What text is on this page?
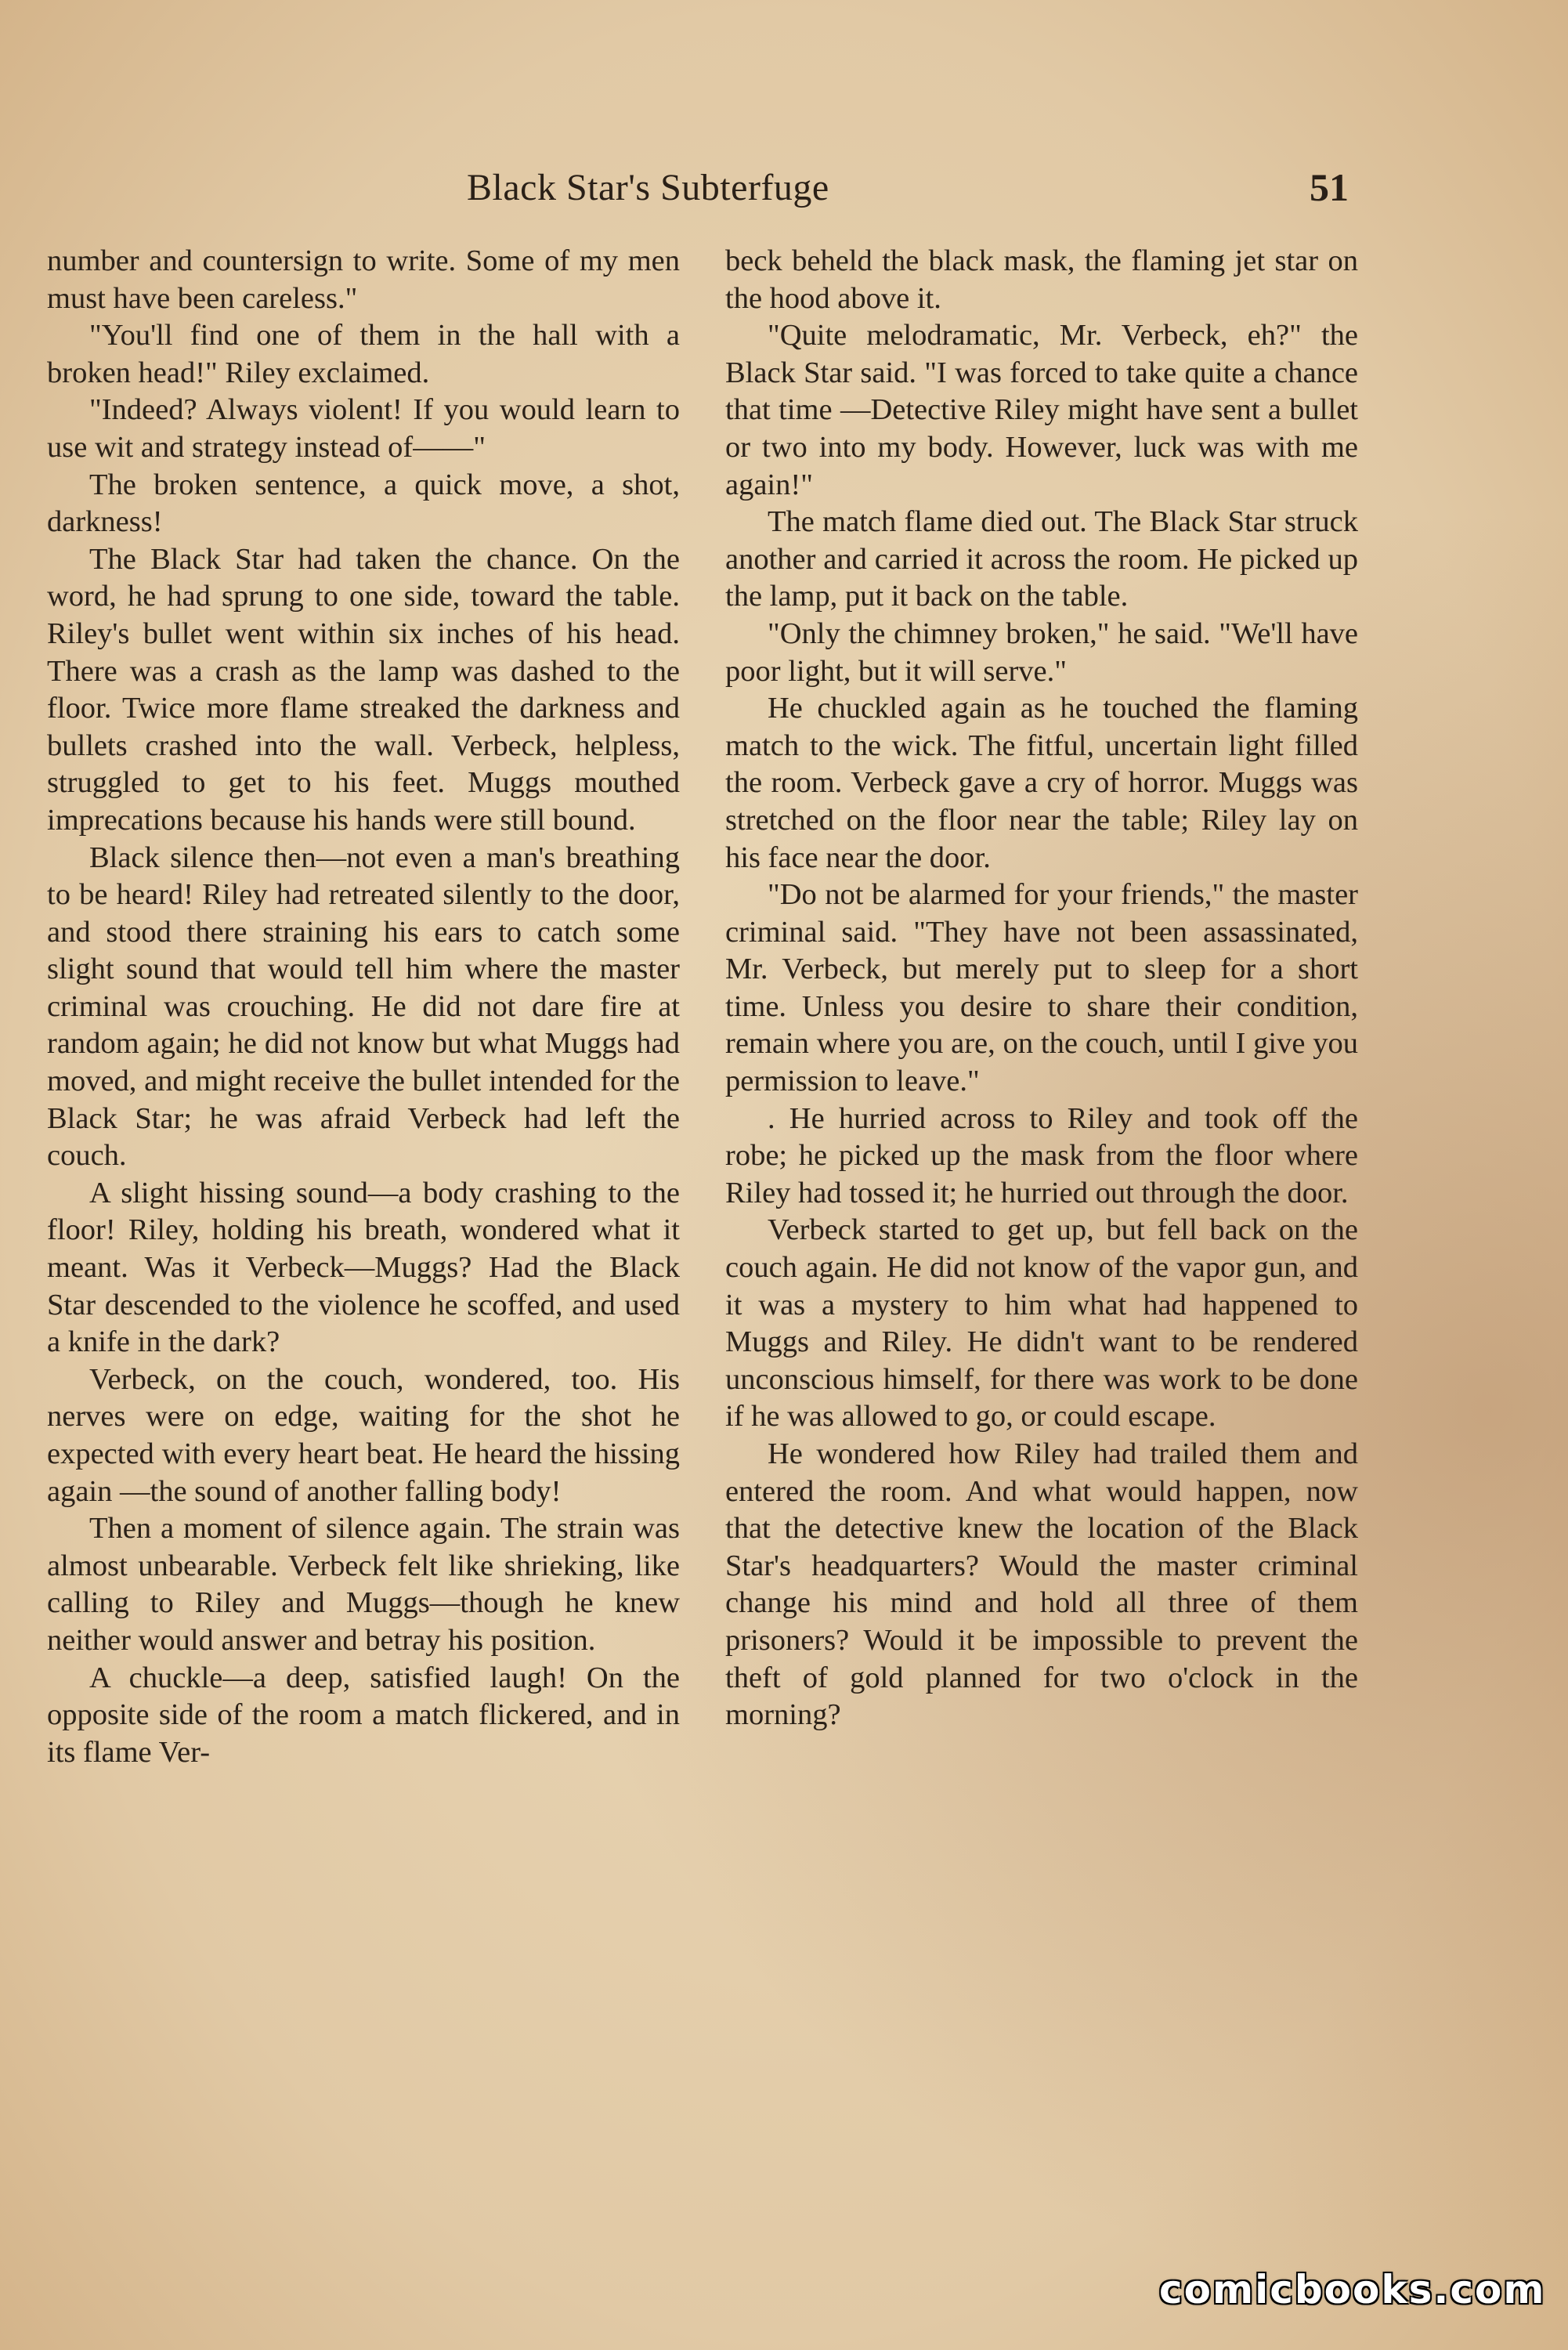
Black Star's Subterfuge	51

number and countersign to write. Some of my men must have been careless."

"You'll find one of them in the hall with a broken head!" Riley exclaimed.

"Indeed? Always violent! If you would learn to use wit and strategy instead of——"

The broken sentence, a quick move, a shot, darkness!

The Black Star had taken the chance. On the word, he had sprung to one side, toward the table. Riley's bullet went within six inches of his head. There was a crash as the lamp was dashed to the floor. Twice more flame streaked the darkness and bullets crashed into the wall. Verbeck, helpless, struggled to get to his feet. Muggs mouthed imprecations because his hands were still bound.

Black silence then—not even a man's breathing to be heard! Riley had retreated silently to the door, and stood there straining his ears to catch some slight sound that would tell him where the master criminal was crouching. He did not dare fire at random again; he did not know but what Muggs had moved, and might receive the bullet intended for the Black Star; he was afraid Verbeck had left the couch.

A slight hissing sound—a body crashing to the floor! Riley, holding his breath, wondered what it meant. Was it Verbeck—Muggs? Had the Black Star descended to the violence he scoffed, and used a knife in the dark?

Verbeck, on the couch, wondered, too. His nerves were on edge, waiting for the shot he expected with every heart beat. He heard the hissing again —the sound of another falling body!

Then a moment of silence again. The strain was almost unbearable. Verbeck felt like shrieking, like calling to Riley and Muggs—though he knew neither would answer and betray his position.

A chuckle—a deep, satisfied laugh! On the opposite side of the room a match flickered, and in its flame Ver-

beck beheld the black mask, the flaming jet star on the hood above it.

"Quite melodramatic, Mr. Verbeck, eh?" the Black Star said. "I was forced to take quite a chance that time —Detective Riley might have sent a bullet or two into my body. However, luck was with me again!"

The match flame died out. The Black Star struck another and carried it across the room. He picked up the lamp, put it back on the table.

"Only the chimney broken," he said. "We'll have poor light, but it will serve."

He chuckled again as he touched the flaming match to the wick. The fitful, uncertain light filled the room. Verbeck gave a cry of horror. Muggs was stretched on the floor near the table; Riley lay on his face near the door.

"Do not be alarmed for your friends," the master criminal said. "They have not been assassinated, Mr. Verbeck, but merely put to sleep for a short time. Unless you desire to share their condition, remain where you are, on the couch, until I give you permission to leave."

. He hurried across to Riley and took off the robe; he picked up the mask from the floor where Riley had tossed it; he hurried out through the door.

Verbeck started to get up, but fell back on the couch again. He did not know of the vapor gun, and it was a mystery to him what had happened to Muggs and Riley. He didn't want to be rendered unconscious himself, for there was work to be done if he was allowed to go, or could escape.

He wondered how Riley had trailed them and entered the room. And what would happen, now that the detective knew the location of the Black Star's headquarters? Would the master criminal change his mind and hold all three of them prisoners? Would it be impossible to prevent the theft of gold planned for two o'clock in the morning?

comicbooks.com
